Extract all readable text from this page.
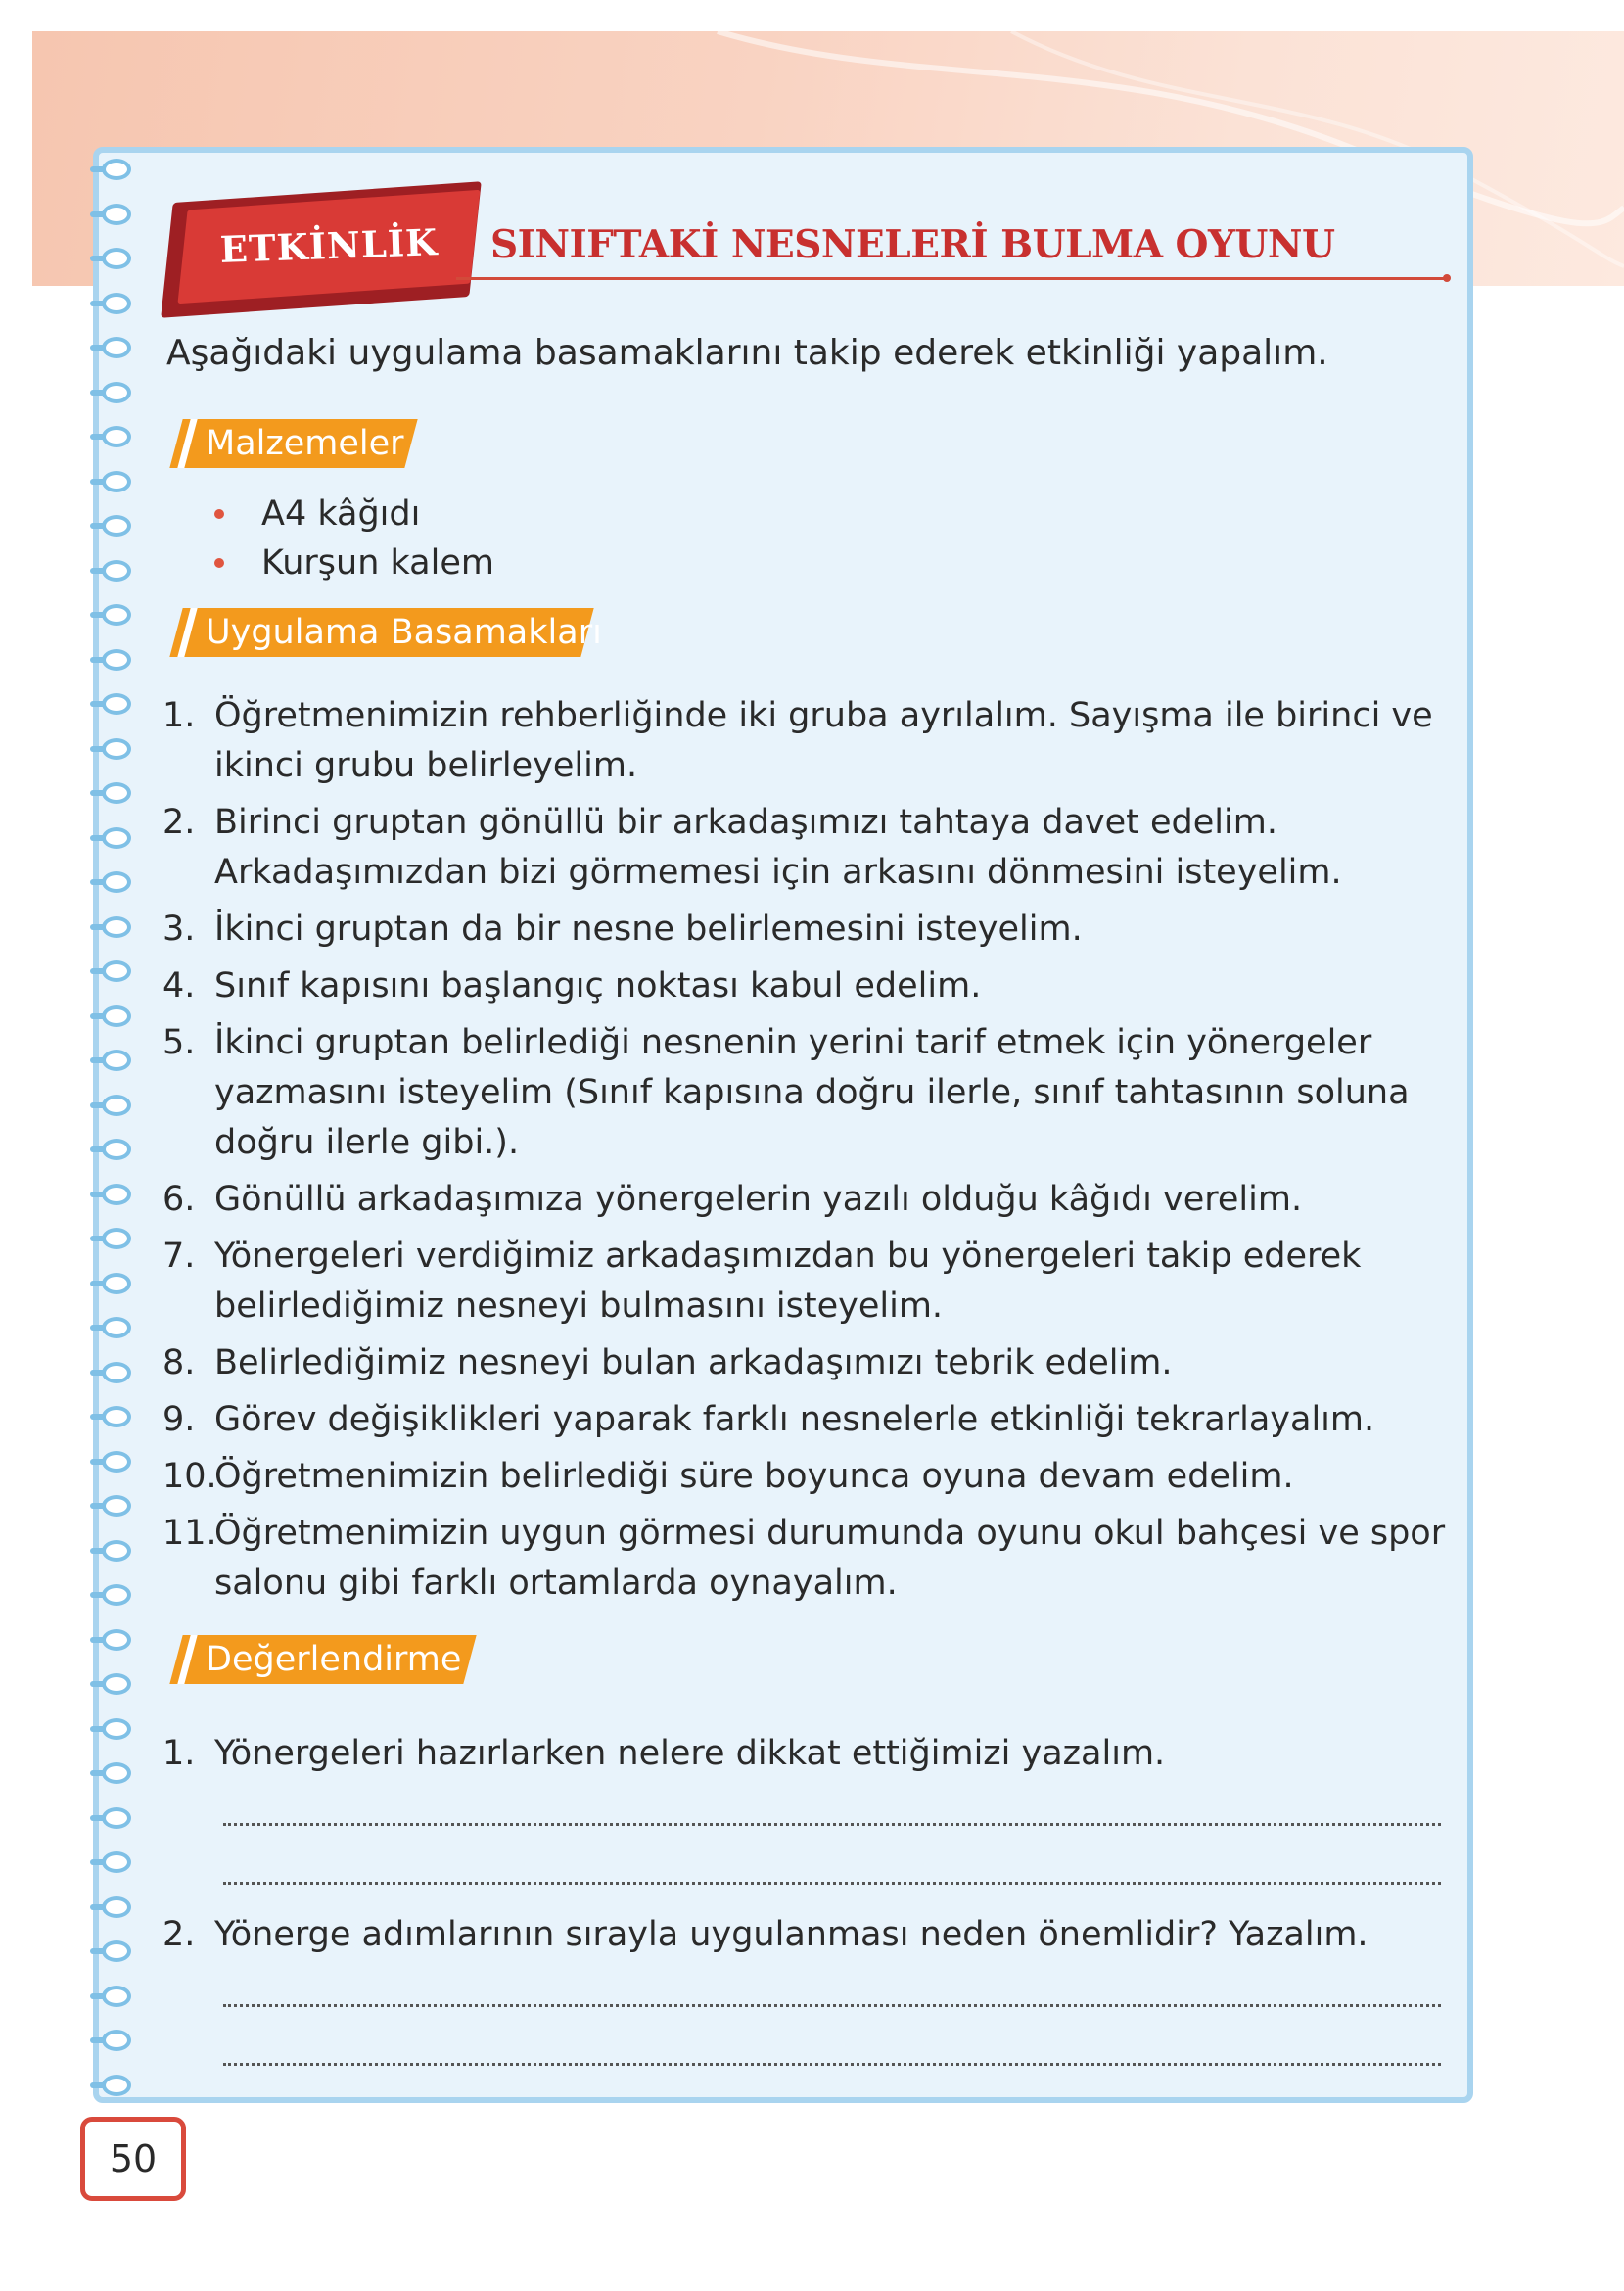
ETKİNLİK	SINIFTAKİ NESNELERİ BULMA OYUNU
Aşağıdaki uygulama basamaklarını takip ederek etkinliği yapalım.
Malzemeler
A4 kâğıdı
Kurşun kalem
Uygulama Basamakları
1. Öğretmenimizin rehberliğinde iki gruba ayrılalım. Sayışma ile birinci ve ikinci grubu belirleyelim.
2. Birinci gruptan gönüllü bir arkadaşımızı tahtaya davet edelim. Arkadaşımızdan bizi görmemesi için arkasını dönmesini isteyelim.
3. İkinci gruptan da bir nesne belirlemesini isteyelim.
4. Sınıf kapısını başlangıç noktası kabul edelim.
5. İkinci gruptan belirlediği nesnenin yerini tarif etmek için yönergeler yazmasını isteyelim (Sınıf kapısına doğru ilerle, sınıf tahtasının soluna doğru ilerle gibi.).
6. Gönüllü arkadaşımıza yönergelerin yazılı olduğu kâğıdı verelim.
7. Yönergeleri verdiğimiz arkadaşımızdan bu yönergeleri takip ederek belirlediğimiz nesneyi bulmasını isteyelim.
8. Belirlediğimiz nesneyi bulan arkadaşımızı tebrik edelim.
9. Görev değişiklikleri yaparak farklı nesnelerle etkinliği tekrarlayalım.
10.
Öğretmenimizin belirlediği süre boyunca oyuna devam edelim.
11.
Öğretmenimizin uygun görmesi durumunda oyunu okul bahçesi ve spor salonu gibi farklı ortamlarda oynayalım.
Değerlendirme
1. Yönergeleri hazırlarken nelere dikkat ettiğimizi yazalım.
2. Yönerge adımlarının sırayla uygulanması neden önemlidir? Yazalım.
50
